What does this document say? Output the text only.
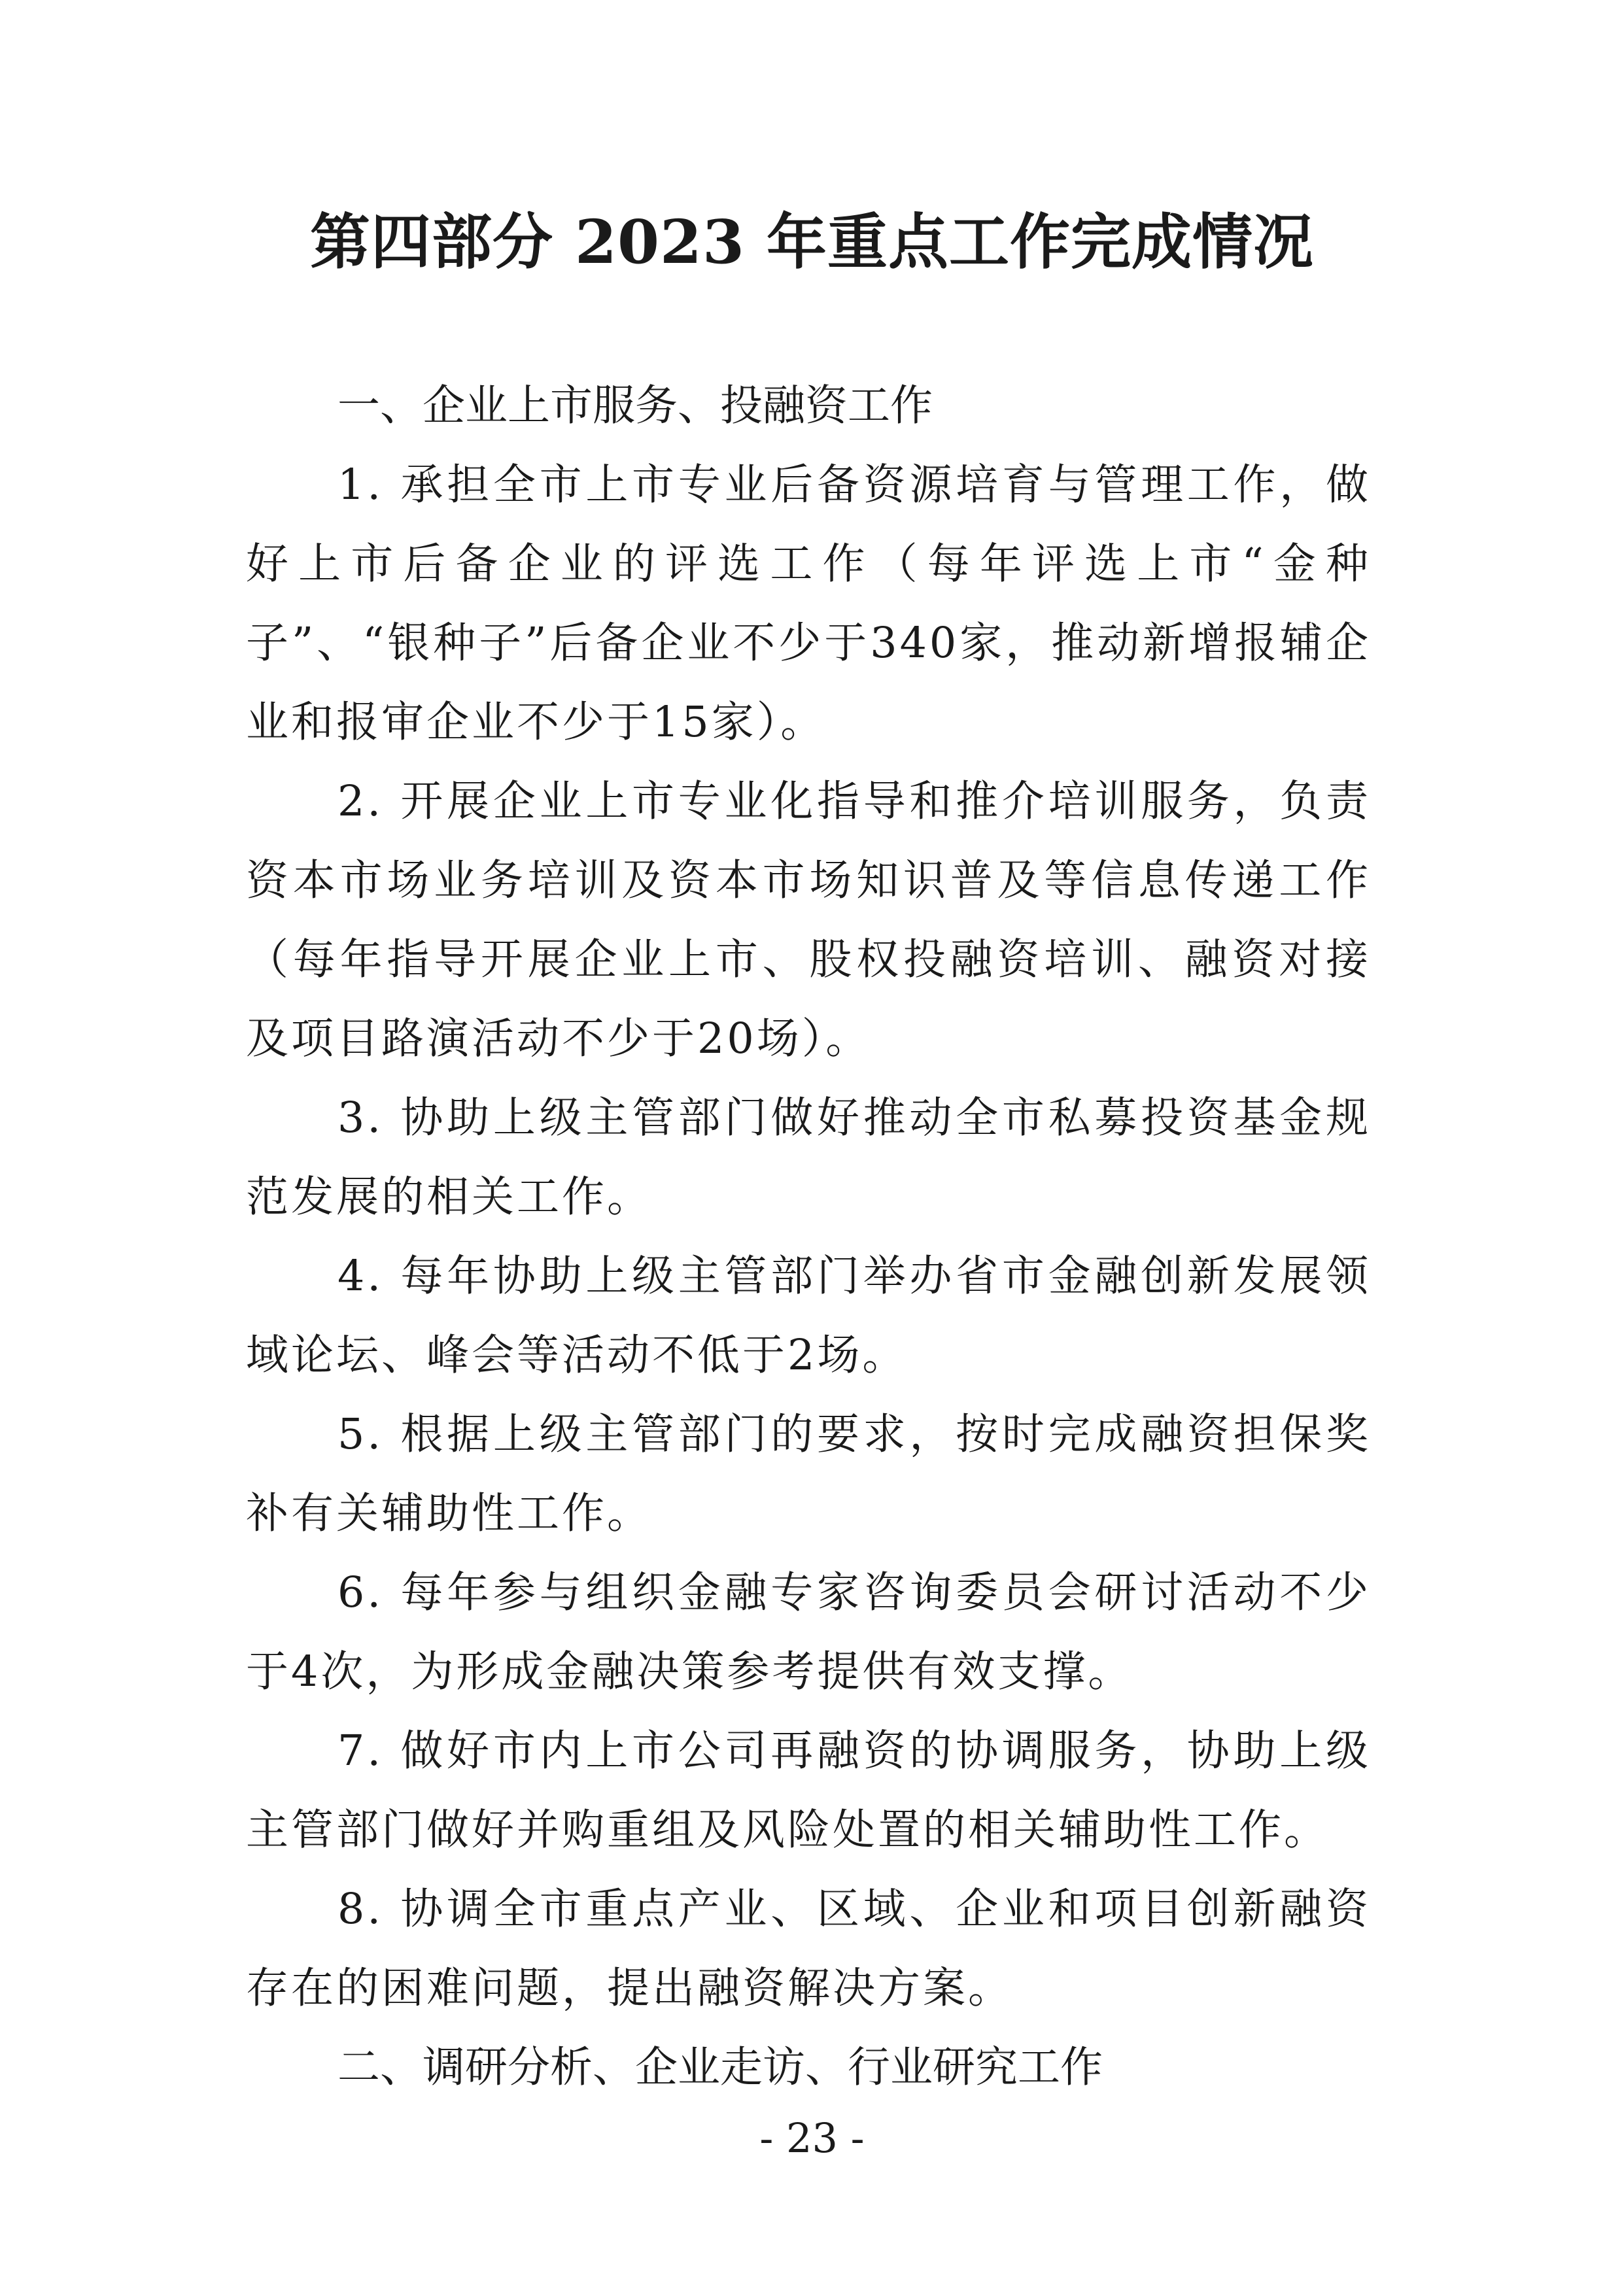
第四部分 2023 年重点工作完成情况

一、企业上市服务、投融资工作

1. 承担全市上市专业后备资源培育与管理工作，做好上市后备企业的评选工作（每年评选上市“金种子”、“银种子”后备企业不少于340家，推动新增报辅企业和报审企业不少于15家）。

2. 开展企业上市专业化指导和推介培训服务，负责资本市场业务培训及资本市场知识普及等信息传递工作（每年指导开展企业上市、股权投融资培训、融资对接及项目路演活动不少于20场）。

3. 协助上级主管部门做好推动全市私募投资基金规范发展的相关工作。

4. 每年协助上级主管部门举办省市金融创新发展领域论坛、峰会等活动不低于2场。

5. 根据上级主管部门的要求，按时完成融资担保奖补有关辅助性工作。

6. 每年参与组织金融专家咨询委员会研讨活动不少于4次，为形成金融决策参考提供有效支撑。

7. 做好市内上市公司再融资的协调服务，协助上级主管部门做好并购重组及风险处置的相关辅助性工作。

8. 协调全市重点产业、区域、企业和项目创新融资存在的困难问题，提出融资解决方案。

二、调研分析、企业走访、行业研究工作

- 23 -
